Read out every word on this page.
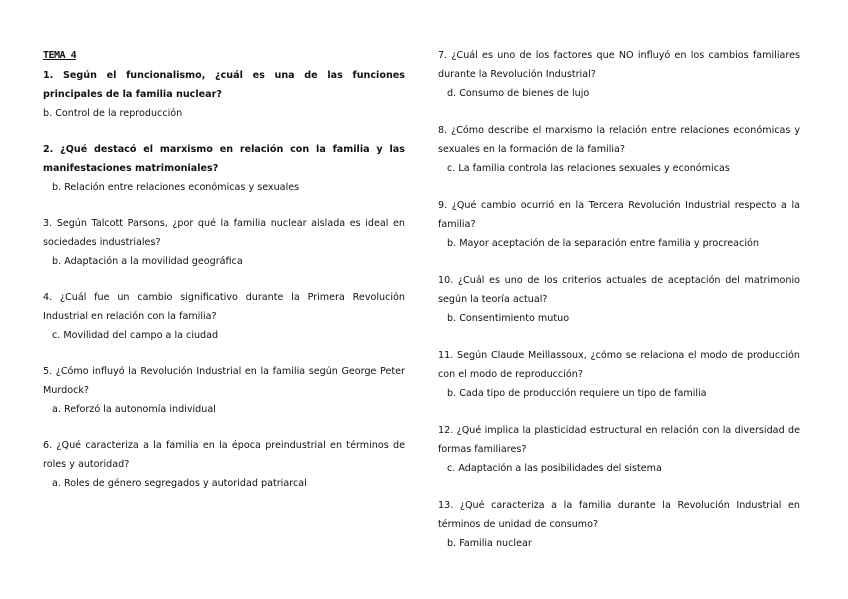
TEMA 4

1. Según el funcionalismo, ¿cuál es una de las funciones principales de la familia nuclear?

b. Control de la reproducción

2. ¿Qué destacó el marxismo en relación con la familia y las manifestaciones matrimoniales?

b. Relación entre relaciones económicas y sexuales

3. Según Talcott Parsons, ¿por qué la familia nuclear aislada es ideal en sociedades industriales?

b. Adaptación a la movilidad geográfica

4. ¿Cuál fue un cambio significativo durante la Primera Revolución Industrial en relación con la familia?

c. Movilidad del campo a la ciudad

5. ¿Cómo influyó la Revolución Industrial en la familia según George Peter Murdock?

a. Reforzó la autonomía individual

6. ¿Qué caracteriza a la familia en la época preindustrial en términos de roles y autoridad?

a. Roles de género segregados y autoridad patriarcal

7. ¿Cuál es uno de los factores que NO influyó en los cambios familiares durante la Revolución Industrial?

d. Consumo de bienes de lujo

8. ¿Cómo describe el marxismo la relación entre relaciones económicas y sexuales en la formación de la familia?

c. La familia controla las relaciones sexuales y económicas

9. ¿Qué cambio ocurrió en la Tercera Revolución Industrial respecto a la familia?

b. Mayor aceptación de la separación entre familia y procreación

10. ¿Cuál es uno de los criterios actuales de aceptación del matrimonio según la teoría actual?

b. Consentimiento mutuo

11. Según Claude Meillassoux, ¿cómo se relaciona el modo de producción con el modo de reproducción?

b. Cada tipo de producción requiere un tipo de familia

12. ¿Qué implica la plasticidad estructural en relación con la diversidad de formas familiares?

c. Adaptación a las posibilidades del sistema

13. ¿Qué caracteriza a la familia durante la Revolución Industrial en términos de unidad de consumo?

b. Familia nuclear
